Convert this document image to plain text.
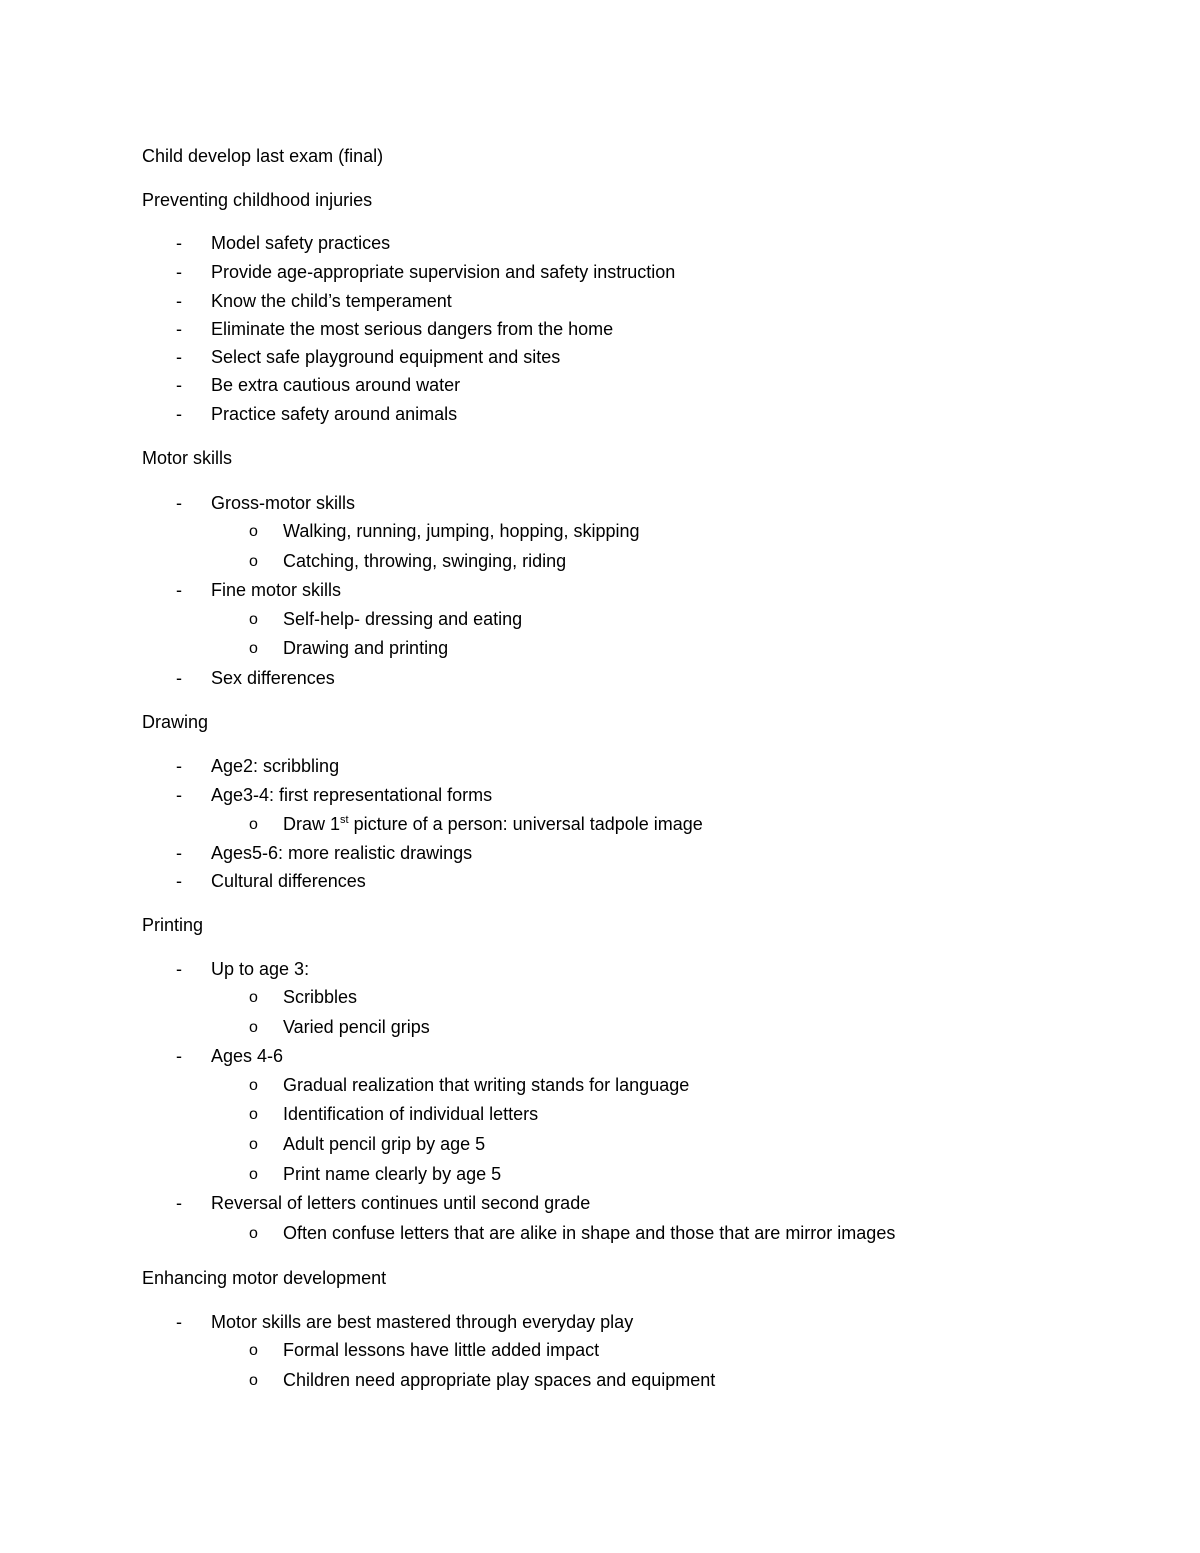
Child develop last exam (final)
Preventing childhood injuries
- Model safety practices
- Provide age-appropriate supervision and safety instruction
- Know the child’s temperament
- Eliminate the most serious dangers from the home
- Select safe playground equipment and sites
- Be extra cautious around water
- Practice safety around animals
Motor skills
- Gross-motor skills
o Walking, running, jumping, hopping, skipping
o Catching, throwing, swinging, riding
- Fine motor skills
o Self-help- dressing and eating
o Drawing and printing
- Sex differences
Drawing
- Age2: scribbling
- Age3-4: first representational forms
o Draw 1st picture of a person: universal tadpole image
- Ages5-6: more realistic drawings
- Cultural differences
Printing
- Up to age 3:
o Scribbles
o Varied pencil grips
- Ages 4-6
o Gradual realization that writing stands for language
o Identification of individual letters
o Adult pencil grip by age 5
o Print name clearly by age 5
- Reversal of letters continues until second grade
o Often confuse letters that are alike in shape and those that are mirror images
Enhancing motor development
- Motor skills are best mastered through everyday play
o Formal lessons have little added impact
o Children need appropriate play spaces and equipment
